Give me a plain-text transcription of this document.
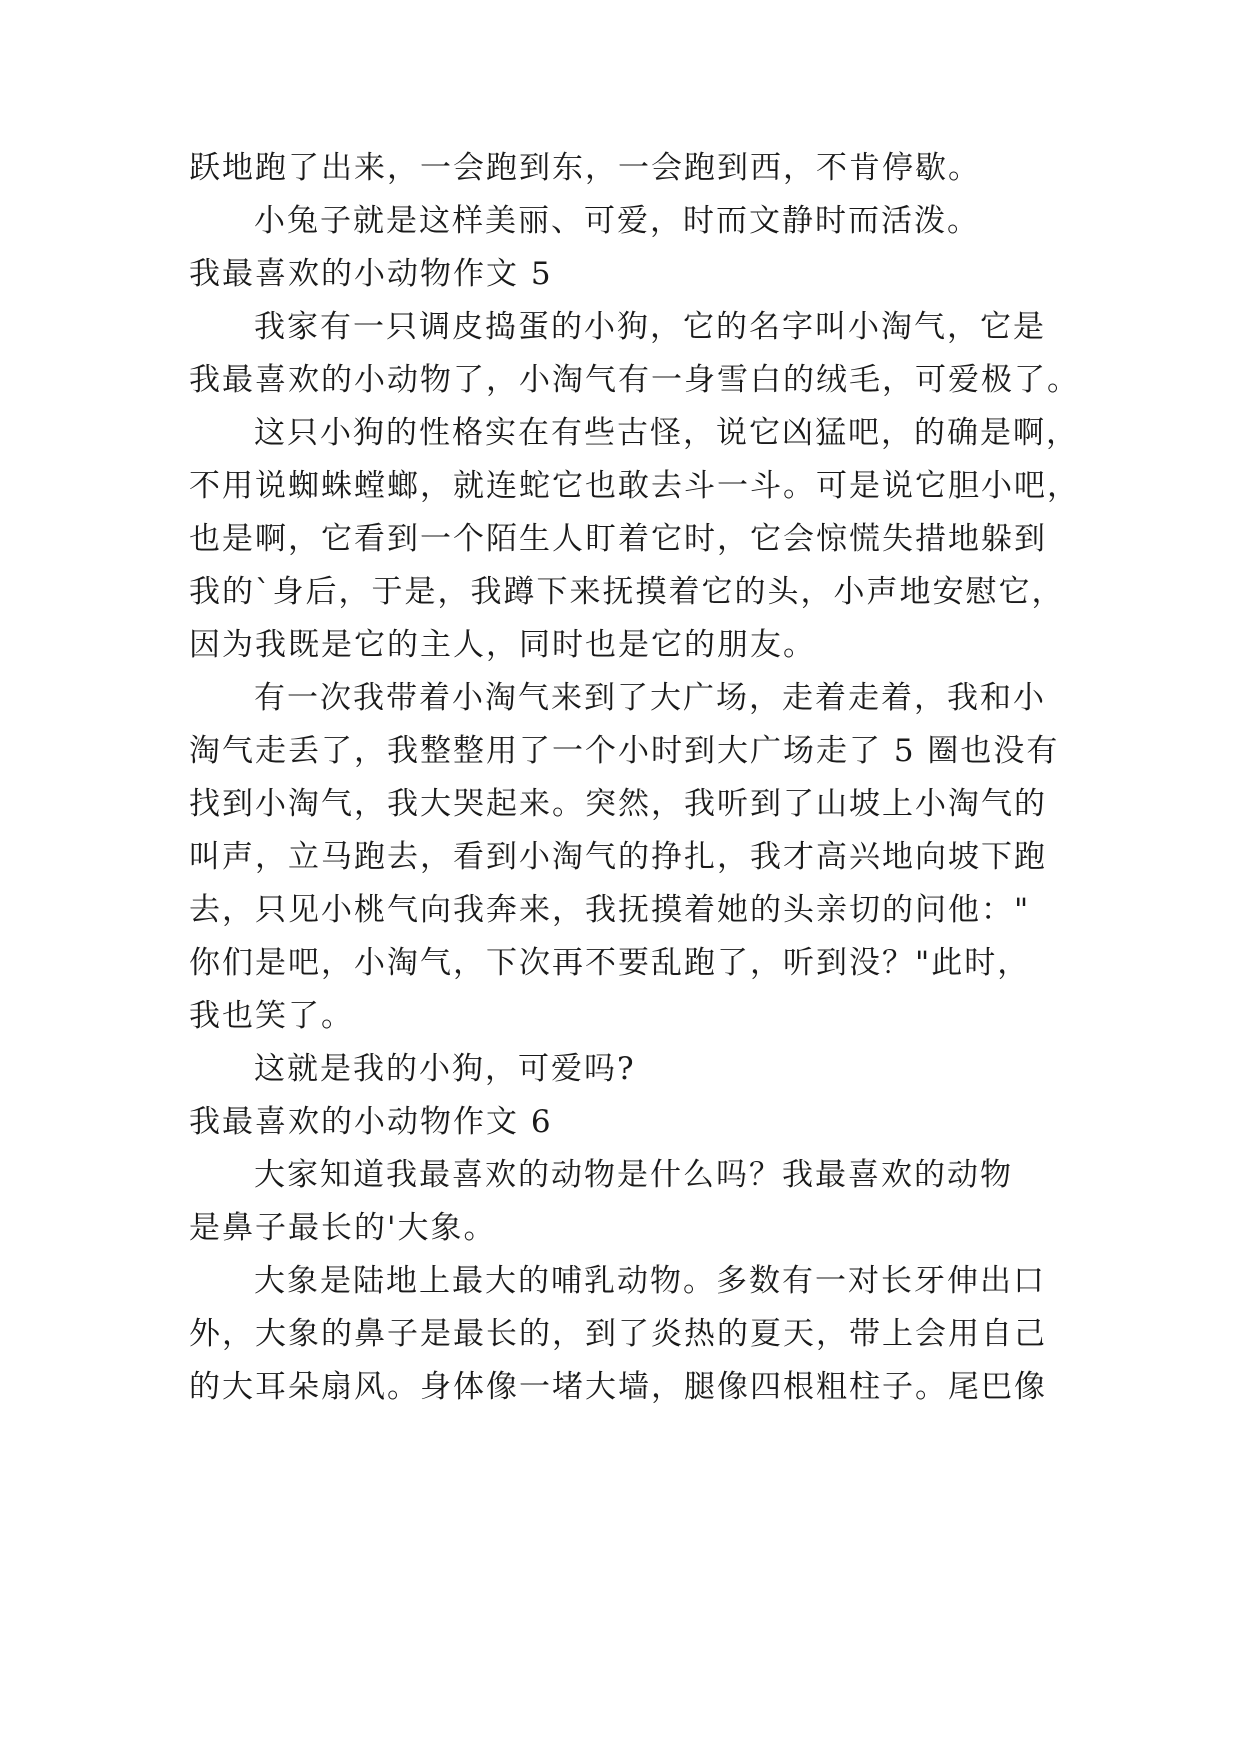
跃地跑了出来，一会跑到东，一会跑到西，不肯停歇。
小兔子就是这样美丽、可爱，时而文静时而活泼。
我最喜欢的小动物作文 5
我家有一只调皮捣蛋的小狗，它的名字叫小淘气，它是
我最喜欢的小动物了，小淘气有一身雪白的绒毛，可爱极了。
这只小狗的性格实在有些古怪，说它凶猛吧，的确是啊，
不用说蜘蛛螳螂，就连蛇它也敢去斗一斗。可是说它胆小吧，
也是啊，它看到一个陌生人盯着它时，它会惊慌失措地躲到
我的`身后，于是，我蹲下来抚摸着它的头，小声地安慰它，
因为我既是它的主人，同时也是它的朋友。
有一次我带着小淘气来到了大广场，走着走着，我和小
淘气走丢了，我整整用了一个小时到大广场走了 5 圈也没有
找到小淘气，我大哭起来。突然，我听到了山坡上小淘气的
叫声，立马跑去，看到小淘气的挣扎，我才高兴地向坡下跑
去，只见小桃气向我奔来，我抚摸着她的头亲切的问他："
你们是吧，小淘气，下次再不要乱跑了，听到没？"此时，
我也笑了。
这就是我的小狗，可爱吗?
我最喜欢的小动物作文 6
大家知道我最喜欢的动物是什么吗？我最喜欢的动物
是鼻子最长的'大象。
大象是陆地上最大的哺乳动物。多数有一对长牙伸出口
外，大象的鼻子是最长的，到了炎热的夏天，带上会用自己
的大耳朵扇风。身体像一堵大墙，腿像四根粗柱子。尾巴像
